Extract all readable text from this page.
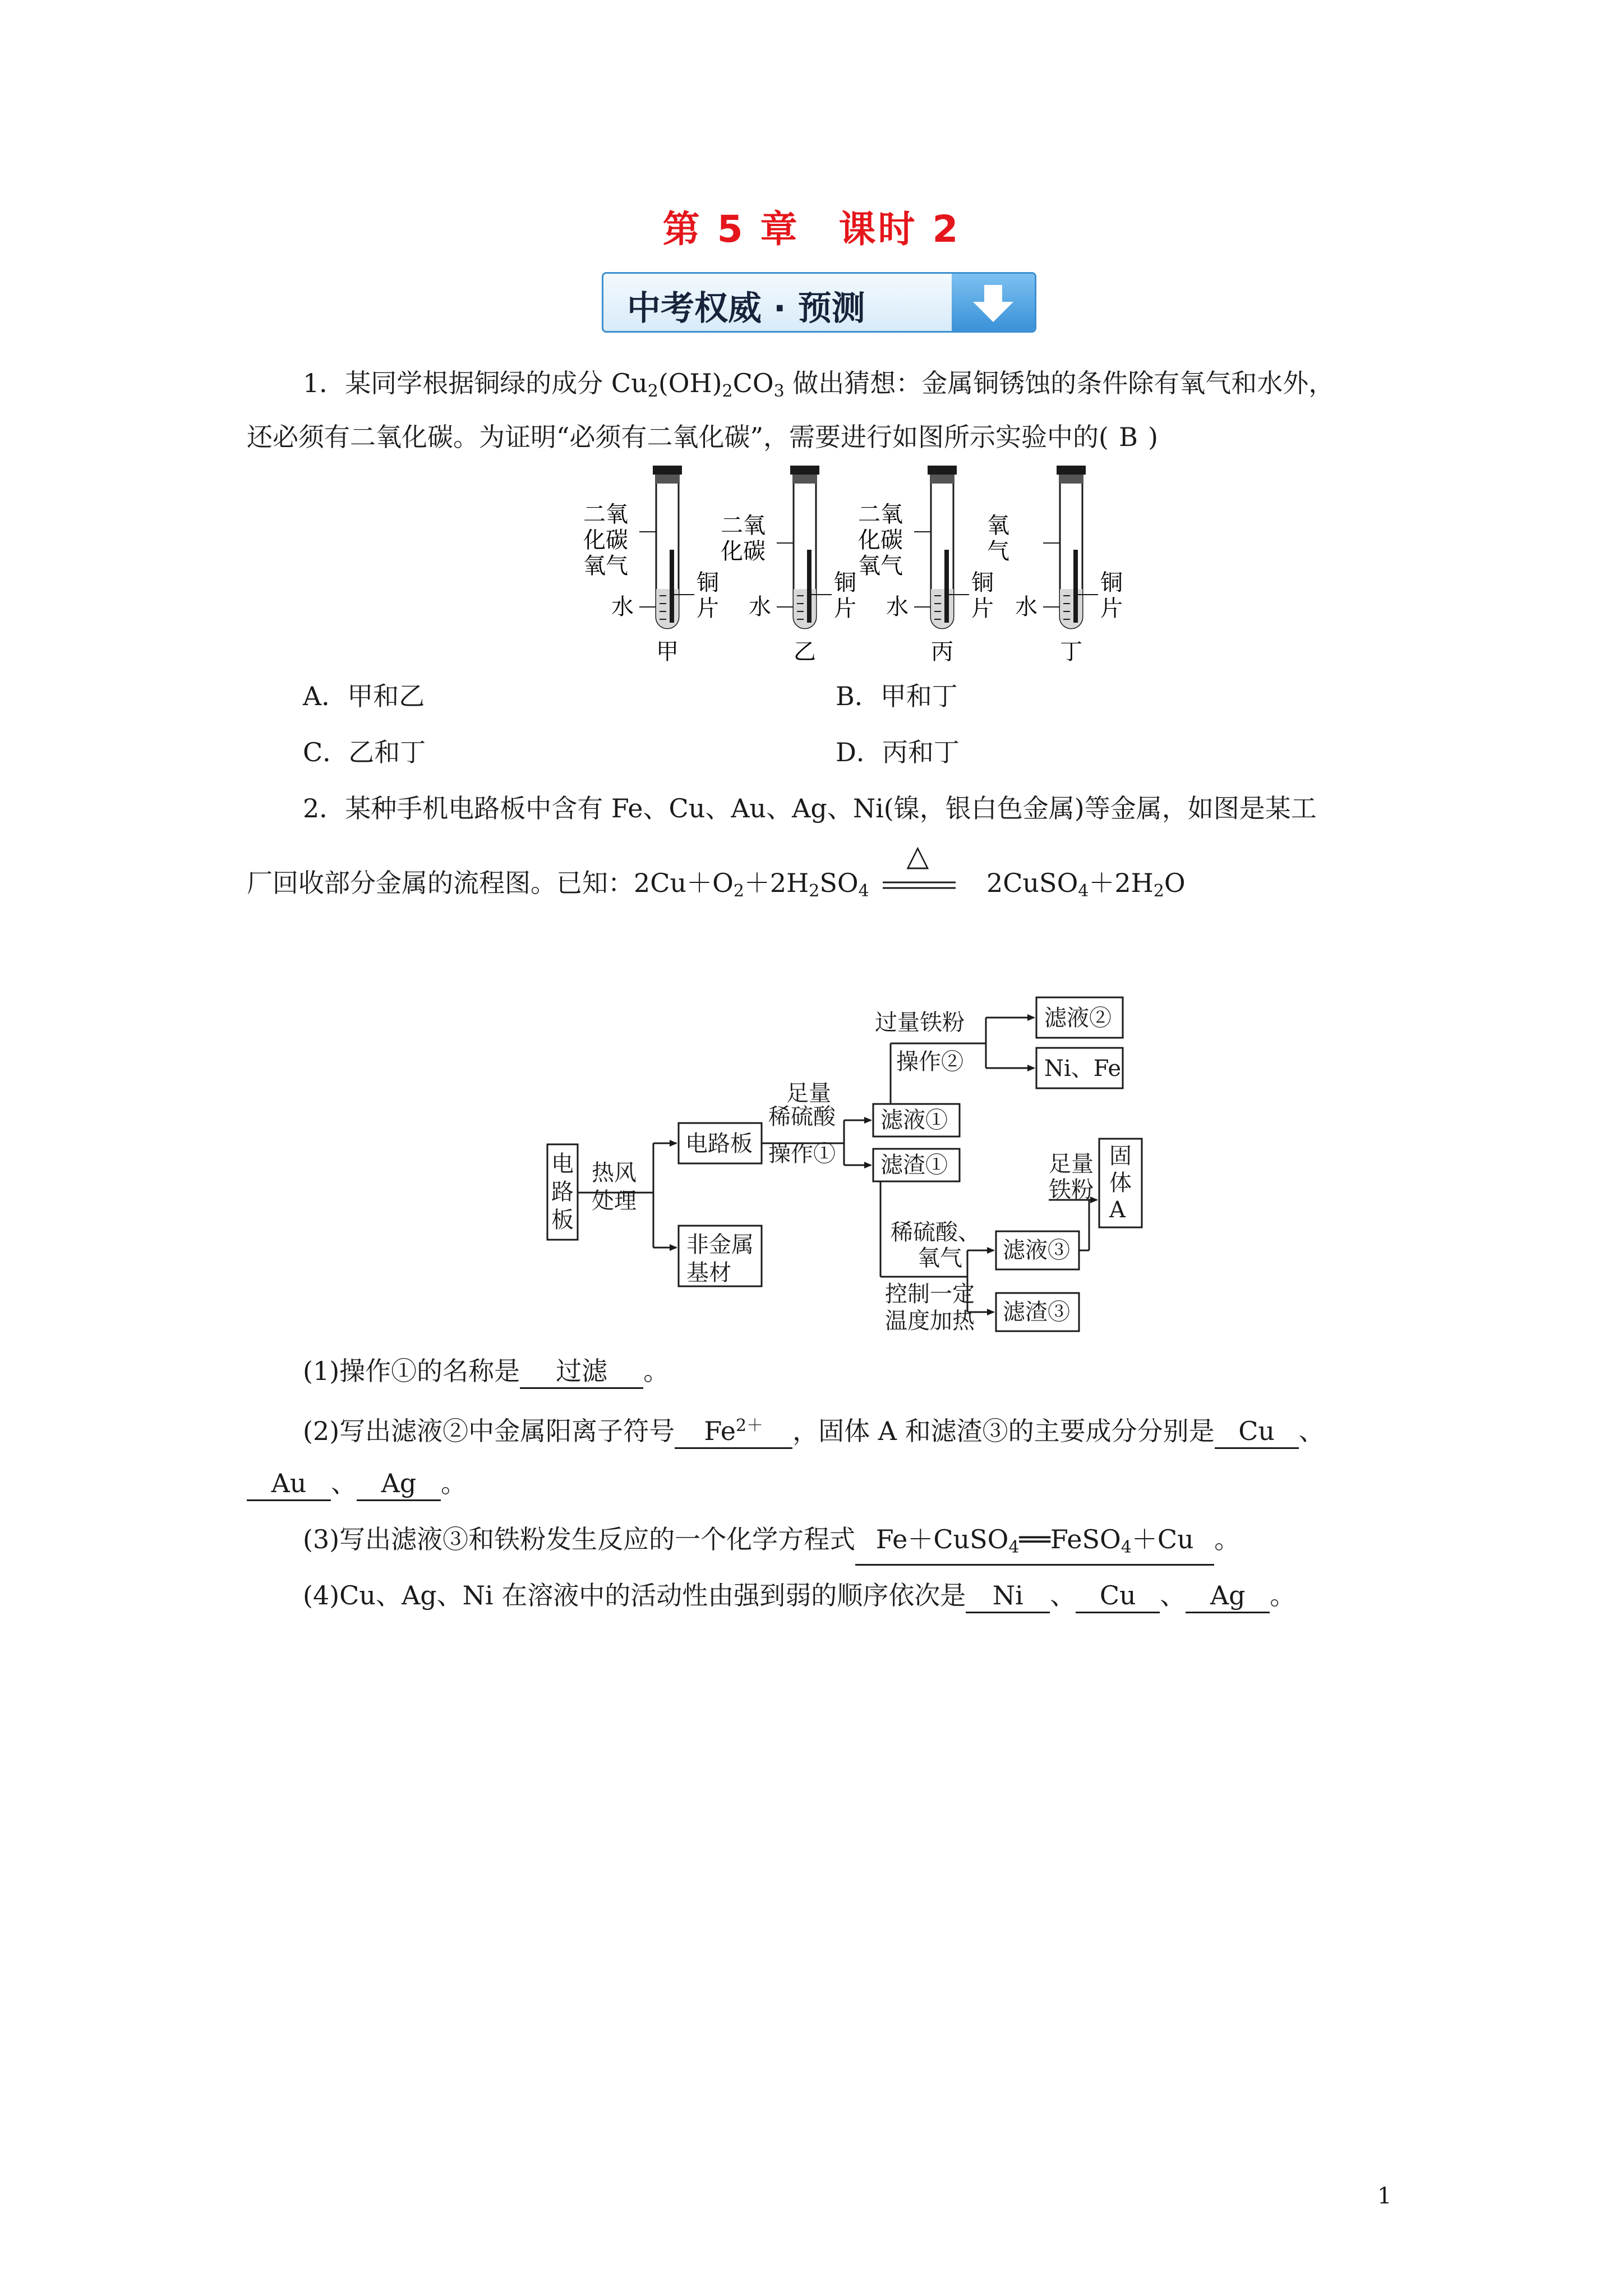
第 5 章　课时 2
中考权威 · 预测
1．某同学根据铜绿的成分 $Cu_2(OH)_2CO_3$ 做出猜想：金属铜锈蚀的条件除有氧气和水外，
还必须有二氧化碳。为证明“必须有二氧化碳”，需要进行如图所示实验中的( B )
二氧
化碳
氧气
水
铜
片
甲
二氧
化碳
水
铜
片
乙
二氧
化碳
氧气
水
铜
片
丙
氧
气
水
铜
片
丁
A．甲和乙	B．甲和丁
C．乙和丁	D．丙和丁
2．某种手机电路板中含有 Fe、Cu、Au、Ag、Ni(镍，银白色金属)等金属，如图是某工
厂回收部分金属的流程图。已知：$2Cu+O_2+2H_2SO_4$
△
$2CuSO_4+2H_2O$
电
路
板
热风
处理
电路板
非金属
基材
足量
稀硫酸
操作①
滤液①
滤渣①
过量铁粉
操作②
滤液②
Ni、Fe
稀硫酸、
氧气
控制一定
温度加热
滤液③
滤渣③
足量
铁粉
固
体
A
(1)操作①的名称是 过滤 。
(2)写出滤液②中金属阳离子符号 $Fe^{2+}$ ，固体 A 和滤渣③的主要成分分别是 Cu 、
Au 、 Ag 。
(3)写出滤液③和铁粉发生反应的一个化学方程式 Fe＋CuSO$_4$══FeSO$_4$＋Cu 。
(4)Cu、Ag、Ni 在溶液中的活动性由强到弱的顺序依次是 Ni 、 Cu 、 Ag 。
1
